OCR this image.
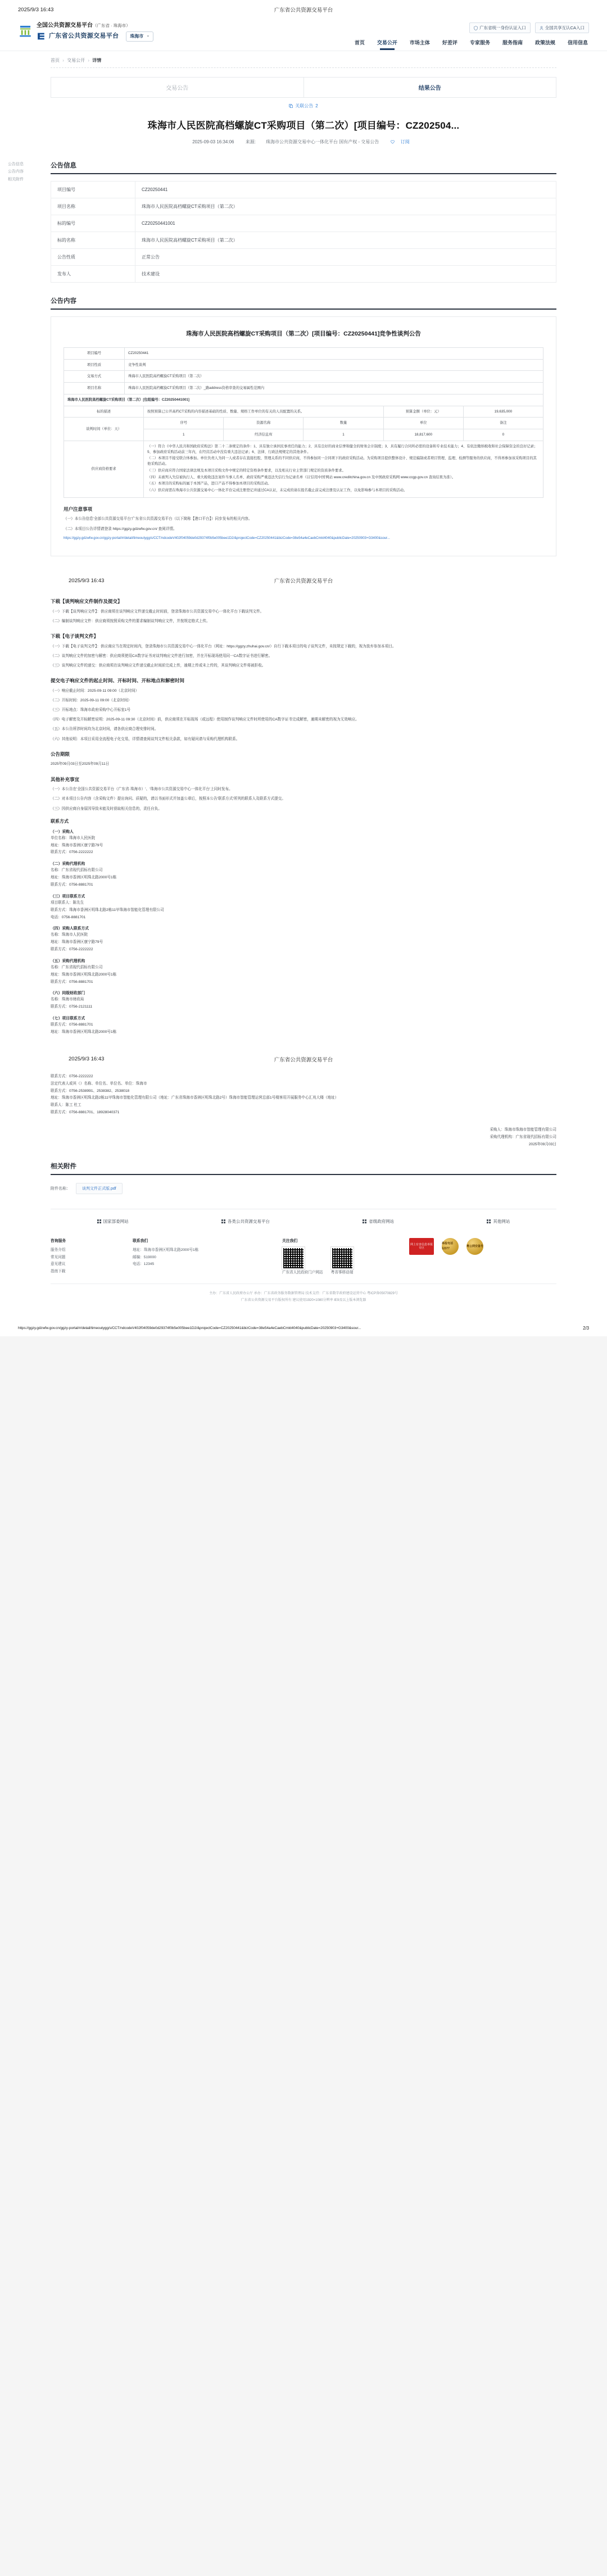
2025/9/3 16:43	广东省公共资源交易平台
全国公共资源交易平台（广东省 · 珠海市）
广东省公共资源交易平台	珠海市 ⌄
广东省统一身份认证入口	全国共享互认CA入口
首页 交易公开 市场主体 好差评 专家服务 服务指南 政策法规 信用信息
公告信息
公告内容
相关附件
首页 › 交易公开 › 详情
交易公告	结果公告
关联公告 2
珠海市人民医院高档螺旋CT采购项目（第二次）[项目编号：CZ202504...
2025-09-03 16:34:06	来源: 珠海市公共资源交易中心一体化平台 国有产权 - 交易公告	订阅
公告信息
项目编号	CZ20250441
项目名称	珠海市人民医院高档螺旋CT采购项目（第二次）
标的编号	CZ20250441001
标的名称	珠海市人民医院高档螺旋CT采购项目（第二次）
公告性质	正常公告
发布人	技术建设
公告内容
珠海市人民医院高档螺旋CT采购项目（第二次）[项目编号：CZ20250441]竞争性谈判公告
项目编号	CZ20250441
项目性质	竞争性谈判
交易方式	珠海市人民医院高档螺旋CT采购项目（第二次）
项目名称	珠海市人民医院高档螺旋CT采购项目（第二次）_路address资格审查的交易属性范围内
珠海市人民医院高档螺旋CT采购项目（第二次）[包组编号：CZ20250441001]					
标的描述	按照预算已公开高档CT采购的内容描述基础的性质、数量、规格工作单位的有关的人员配置的关系。			预算金额（单位：元）	19,635,000
谈判时间（单位：天）	序号	资源名称	数量	单位	备注
	1	经济信息库	1	18,817,600	0
供应商资格要求	

（一）符合《中华人民共和国政府采购法》第二十二条规定的条件：1、具有独立承担民事责任的能力；2、具有良好的商业信誉和健全的财务会计制度；3、具有履行合同所必需的设备和专业技术能力；4、有依法缴纳税收和社会保障资金的良好记录；5、参加政府采购活动前三年内，在经营活动中没有重大违法记录；6、法律、行政法规规定的其他条件。

（二）本项目不接受联合体参加。单位负责人为同一人或者存在直接控股、管理关系的不同供应商，不得参加同一合同项下的政府采购活动。为采购项目提供整体设计、规范编制或者项目管理、监理、检测等服务的供应商，不得再参加该采购项目的其他采购活动。

（三）供应商应符合国家法律法规及本项目采购文件中规定的特定资格条件要求，以及相关行业主管部门规定的资质条件要求。

（四）未被列入失信被执行人、重大税收违法案件当事人名单、政府采购严重违法失信行为记录名单（以'信用中国'网站 www.creditchina.gov.cn 及中国政府采购网 www.ccgp.gov.cn 查询结果为准）。

（五）本项目的采购标的属于本国产品，进口产品不得参加本项目的采购活动。

（六）供应商需在珠海市公共资源交易中心一体化平台完成注册登记并通过CA认证，未完成的请在报名截止前完成注册及认证工作，以免影响参与本项目的采购活动。

用户注意事项

（一）本公告信息'全部公共资源交易平台'广东省公共资源交易平台（以下简称【港口平台】）同步发布的相关内容。

（二）本项目公告详情请登录 https://ggzy.gdzwfw.gov.cn/ 查阅详情。

https://ggzy.gdzwfw.gov.cn/ggzy-portal/#/detail/timeoutygg/s/CCT/ndcodeV402f04059de0d29374f0b5e005bee1D2/&projectCode=CZ20250441&bizCode=38e54a4eCaebCmkt4040&publicDate=20250903+G3400&sour...
2025/9/3 16:43	广东省公共资源交易平台
下载【谈判响应文件制作及提交】

（一）下载【谈判响应文件】：供应商须在谈判响应文件递交截止时间前，登录珠海市公共资源交易中心一体化平台下载谈判文件。

（二）编制谈判响应文件：供应商须按照采购文件的要求编制谈判响应文件，并按规定格式上传。

下载【电子谈判文件】

（一）下载【电子谈判文件】：供应商应当在规定时间内，登录珠海市公共资源交易中心一体化平台（网址：https://ggzy.zhuhai.gov.cn/）自行下载本项目的电子谈判文件，未按规定下载的，视为放弃参加本项目。

（二）谈判响应文件的加密与解密：供应商须使用CA数字证书对谈判响应文件进行加密，并在开标现场使用同一CA数字证书进行解密。

（三）谈判响应文件的递交：供应商须在谈判响应文件递交截止时间前完成上传，逾期上传或未上传的，其谈判响应文件将被拒收。

提交电子响应文件的起止时间、开标时间、开标地点和解密时间

（一）响应截止时间：2025-09-11 09:00（北京时间）

（二）开标时间：2025-09-11 09:00（北京时间）

（三）开标地点：珠海市政府采购中心开标室1号

（四）电子解密及开标解密说明：2025-09-11 09:30（北京时间）前，供应商须在开标现场（或远程）使用制作谈判响应文件时所使用的CA数字证书完成解密，逾期未解密的视为无效响应。

（五）本公告所涉时间均为北京时间，请各供应商合理安排时间。

（六）其他说明：本项目采用全流程电子化交易，详情请查阅谈判文件相关条款，如有疑问请与采购代理机构联系。

公告期限

2025年09月03日至2025年09月11日

其他补充事宜

（一）本公告在'全国公共资源交易平台（广东省·珠海市）'、'珠海市公共资源交易中心一体化平台'上同时发布。

（二）对本项目公告内容（含采购文件）提出询问、质疑的，请以书面形式并加盖公章后，按照本公告'联系方式'所列的联系人及联系方式提交。

（三）因供应商自身原因导致未能及时获取相关信息的，责任自负。

联系方式
（一）采购人
单位名称：珠海市人民医院
地址：珠海市香洲区康宁路79号
联系方式：0756-2222222
（二）采购代理机构
名称：广东省现代招标有限公司
地址：珠海市香洲区明珠北路2000号1栋
联系方式：0756-8881701
（三）项目联系方式
项目联系人：陈先生
联系方式：珠海市香洲区明珠北路2栋11甲珠海市智能化管理有限公司
电话：0756-8881701
（四）采购人联系方式
名称：珠海市人民医院
地址：珠海市香洲区康宁路79号
联系方式：0756-2222222
（五）采购代理机构
名称：广东省现代招标有限公司
地址：珠海市香洲区明珠北路2000号1栋
联系方式：0756-8881701
（六）同级财政部门
名称：珠海市财政局
联系方式：0756-2121111
（七）项目联系方式
联系方式：0756-8881701
地址：珠海市香洲区明珠北路2000号1栋
2025/9/3 16:43	广东省公共资源交易平台
联系方式：0756-2222222
法定代表人或其（）名称、单位名、单位名、单位：珠海市
联系方式：0756-2538991、2538382、2538018
地址：珠海市香洲区明珠北路2栋11甲珠海市智能化管理有限公司（地址：广东省珠海市香洲区明珠北路2号）珠海市智能管理运营总部1号楼客用开展服务中心汇兆大楼（地址）
联系人：陈工 杜工
联系方式：0756-8881701、18928040371
采购人：珠海市珠海市智能管理有限公司
采购代理机构：广东省现代招标有限公司
2025年09月03日
相关附件
附件名称：	谈判文件正式版.pdf
国家部委网站	各类公共资源交易平台	省级政府网站	其他网站
咨询服务
服务介绍
常见问题
意见建议
指南下载
联系我们
地址：珠海市香洲区明珠北路2000号1栋
邮编：519000
电话：12345
关注我们
广东省人民政府门户网站 粤省事移动端
网上有害信息举报专区
举报电话12377
粤公网安备号
主办：广东省人民政府办公厅 承办：广东省政务服务数据管理局 技术支持：广东省数字政府建设运营中心 粤ICP备05070829号
广东省公共资源交易平台版权所有 建议使用1920×1080分辨率 IE9及以上版本浏览器
https://ggzy.gdzwfw.gov.cn/ggzy-portal/#/detail/timeoutygg/s/CCT/ndcodeV402f04059de0d29374f0b5e005bee1D2/&projectCode=CZ20250441&bizCode=38e54a4eCaebCmkt4040&publicDate=20250903+G3400&sour...	2/3
